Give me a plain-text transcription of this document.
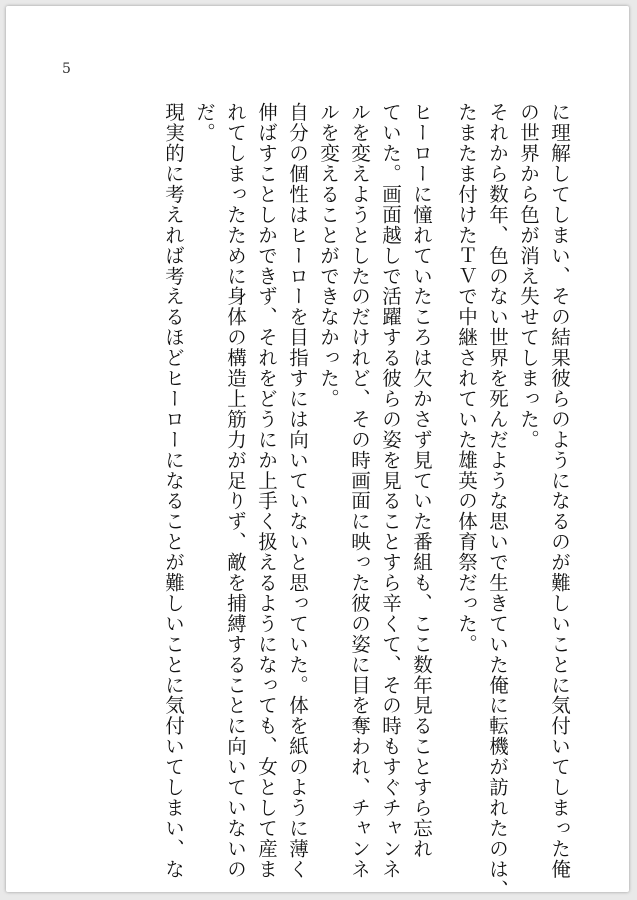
5
に理解してしまい、その結果彼らのようになるのが難しいことに気付いてしまった俺
の世界から色が消え失せてしまった。
それから数年、色のない世界を死んだような思いで生きていた俺に転機が訪れたのは、
たまたま付けたＴＶで中継されていた雄英の体育祭だった。
ヒーローに憧れていたころは欠かさず見ていた番組も、ここ数年見ることすら忘れ
ていた。画面越しで活躍する彼らの姿を見ることすら辛くて、その時もすぐチャンネ
ルを変えようとしたのだけれど、その時画面に映った彼の姿に目を奪われ、チャンネ
ルを変えることができなかった。
自分の個性はヒーローを目指すには向いていないと思っていた。体を紙のように薄く
伸ばすことしかできず、それをどうにか上手く扱えるようになっても、女として産ま
れてしまったために身体の構造上筋力が足りず、敵を捕縛することに向いていないの
だ。
現実的に考えれば考えるほどヒーローになることが難しいことに気付いてしまい、な
